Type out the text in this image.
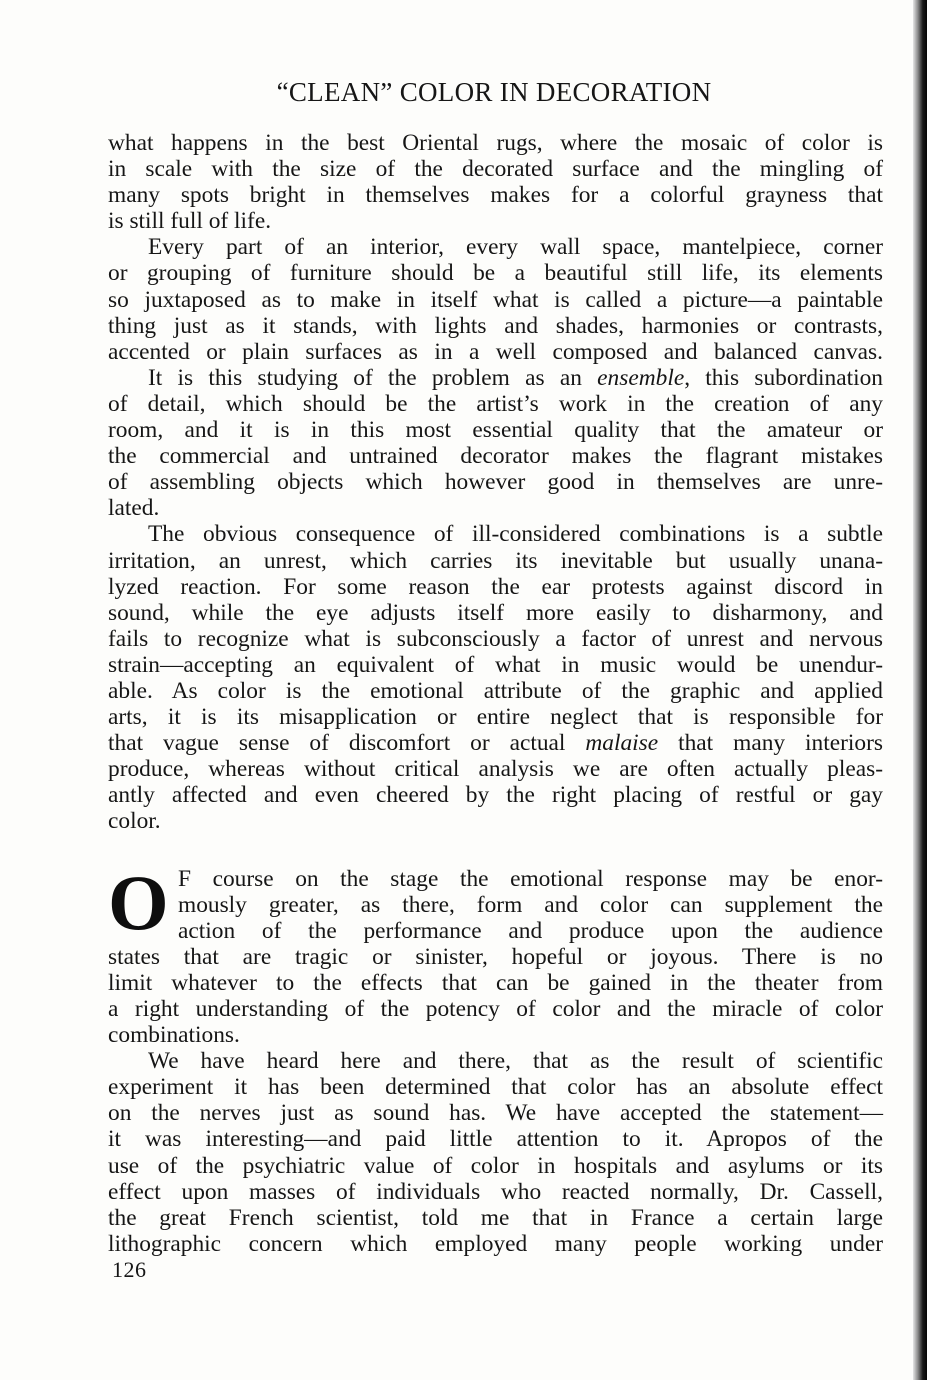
“CLEAN” COLOR IN DECORATION
what happens in the best Oriental rugs, where the mosaic of color is
in scale with the size of the decorated surface and the mingling of
many spots bright in themselves makes for a colorful grayness that
is still full of life.
Every part of an interior, every wall space, mantelpiece, corner
or grouping of furniture should be a beautiful still life, its elements
so juxtaposed as to make in itself what is called a picture—a paintable
thing just as it stands, with lights and shades, harmonies or contrasts,
accented or plain surfaces as in a well composed and balanced canvas.
It is this studying of the problem as an ensemble, this subordination
of detail, which should be the artist’s work in the creation of any
room, and it is in this most essential quality that the amateur or
the commercial and untrained decorator makes the flagrant mistakes
of assembling objects which however good in themselves are unre-
lated.
The obvious consequence of ill-considered combinations is a subtle
irritation, an unrest, which carries its inevitable but usually unana-
lyzed reaction. For some reason the ear protests against discord in
sound, while the eye adjusts itself more easily to disharmony, and
fails to recognize what is subconsciously a factor of unrest and nervous
strain—accepting an equivalent of what in music would be unendur-
able. As color is the emotional attribute of the graphic and applied
arts, it is its misapplication or entire neglect that is responsible for
that vague sense of discomfort or actual malaise that many interiors
produce, whereas without critical analysis we are often actually pleas-
antly affected and even cheered by the right placing of restful or gay
color.
O F course on the stage the emotional response may be enor-
mously greater, as there, form and color can supplement the
action of the performance and produce upon the audience
states that are tragic or sinister, hopeful or joyous. There is no
limit whatever to the effects that can be gained in the theater from
a right understanding of the potency of color and the miracle of color
combinations.
We have heard here and there, that as the result of scientific
experiment it has been determined that color has an absolute effect
on the nerves just as sound has. We have accepted the statement—
it was interesting—and paid little attention to it. Apropos of the
use of the psychiatric value of color in hospitals and asylums or its
effect upon masses of individuals who reacted normally, Dr. Cassell,
the great French scientist, told me that in France a certain large
lithographic concern which employed many people working under
126
